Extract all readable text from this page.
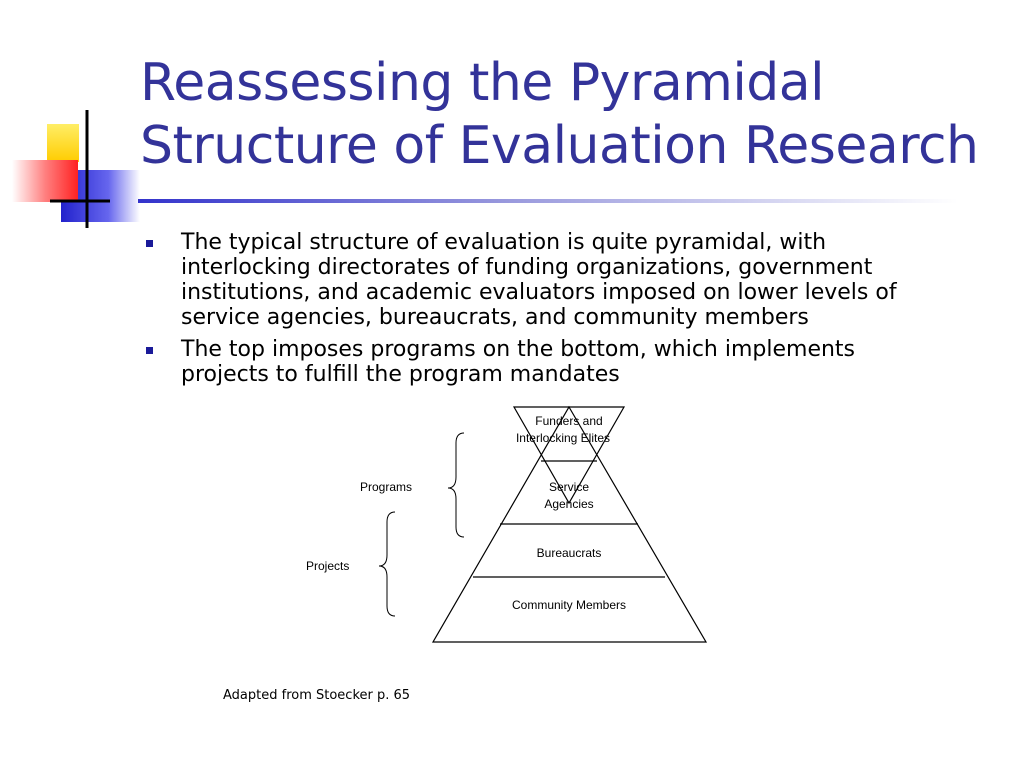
Reassessing the Pyramidal
Structure of Evaluation Research
The typical structure of evaluation is quite pyramidal, with interlocking directorates of funding organizations, government institutions, and academic evaluators imposed on lower levels of service agencies, bureaucrats, and community members
The top imposes programs on the bottom, which implements projects to fulfill the program mandates
Funders and
Interlocking Elites
Service
Agencies
Bureaucrats
Community Members
Programs
Projects
Adapted from Stoecker p. 65
